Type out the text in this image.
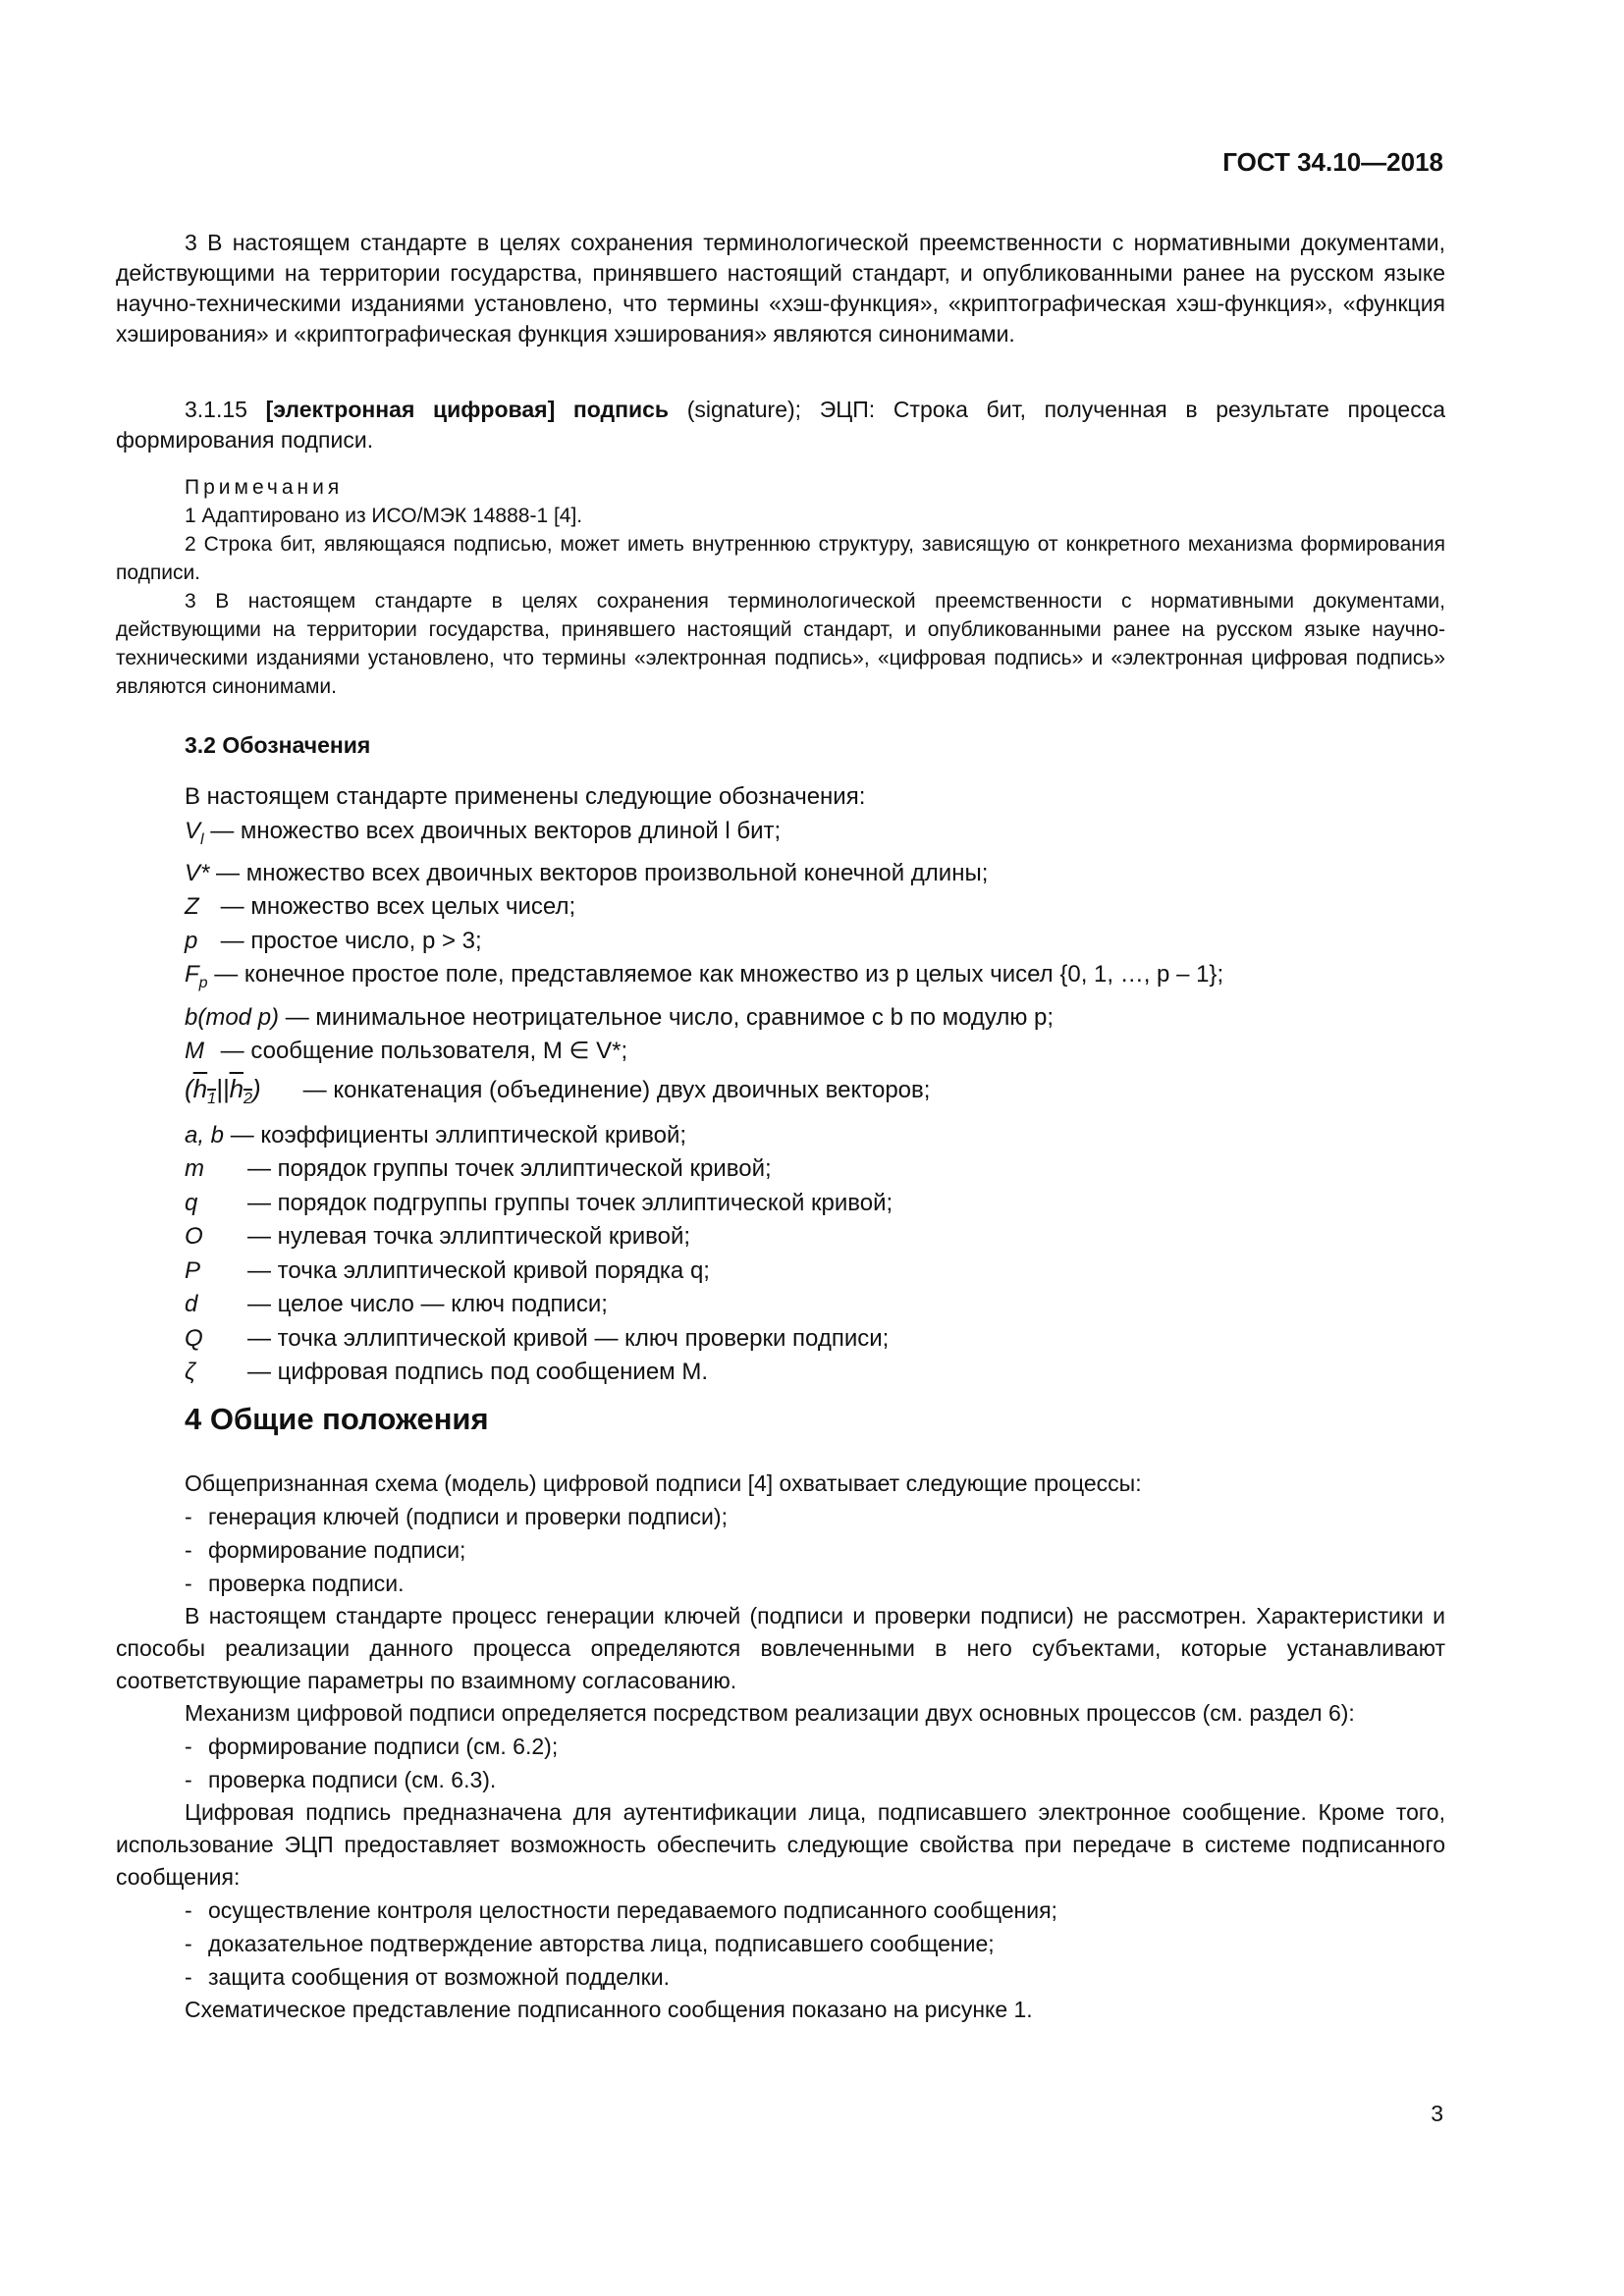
ГОСТ 34.10—2018

3 В настоящем стандарте в целях сохранения терминологической преемственности с нормативными документами, действующими на территории государства, принявшего настоящий стандарт, и опубликованными ранее на русском языке научно-техническими изданиями установлено, что термины «хэш-функция», «криптографическая хэш-функция», «функция хэширования» и «криптографическая функция хэширования» являются синонимами.

3.1.15 [электронная цифровая] подпись (signature); ЭЦП: Строка бит, полученная в результате процесса формирования подписи.

Примечания

1 Адаптировано из ИСО/МЭК 14888-1 [4].

2 Строка бит, являющаяся подписью, может иметь внутреннюю структуру, зависящую от конкретного механизма формирования подписи.

3 В настоящем стандарте в целях сохранения терминологической преемственности с нормативными документами, действующими на территории государства, принявшего настоящий стандарт, и опубликованными ранее на русском языке научно-техническими изданиями установлено, что термины «электронная подпись», «цифровая подпись» и «электронная цифровая подпись» являются синонимами.

3.2 Обозначения

В настоящем стандарте применены следующие обозначения:
$V_l$ — множество всех двоичных векторов длиной l бит;
V* — множество всех двоичных векторов произвольной конечной длины;
Z — множество всех целых чисел;
p — простое число, p > 3;
$F_p$ — конечное простое поле, представляемое как множество из p целых чисел {0, 1, …, p – 1};
b(mod p) — минимальное неотрицательное число, сравнимое с b по модулю p;
M — сообщение пользователя, M ∈ V*;
$(h_1||h_2)$ — конкатенация (объединение) двух двоичных векторов;
a, b — коэффициенты эллиптической кривой;
m — порядок группы точек эллиптической кривой;
q — порядок подгруппы группы точек эллиптической кривой;
O — нулевая точка эллиптической кривой;
P — точка эллиптической кривой порядка q;
d — целое число — ключ подписи;
Q — точка эллиптической кривой — ключ проверки подписи;
ζ — цифровая подпись под сообщением M.

4 Общие положения

Общепризнанная схема (модель) цифровой подписи [4] охватывает следующие процессы:
- генерация ключей (подписи и проверки подписи);
- формирование подписи;
- проверка подписи.

В настоящем стандарте процесс генерации ключей (подписи и проверки подписи) не рассмотрен. Характеристики и способы реализации данного процесса определяются вовлеченными в него субъектами, которые устанавливают соответствующие параметры по взаимному согласованию.

Механизм цифровой подписи определяется посредством реализации двух основных процессов (см. раздел 6):

- формирование подписи (см. 6.2);
- проверка подписи (см. 6.3).

Цифровая подпись предназначена для аутентификации лица, подписавшего электронное сообщение. Кроме того, использование ЭЦП предоставляет возможность обеспечить следующие свойства при передаче в системе подписанного сообщения:

- осуществление контроля целостности передаваемого подписанного сообщения;
- доказательное подтверждение авторства лица, подписавшего сообщение;
- защита сообщения от возможной подделки.

Схематическое представление подписанного сообщения показано на рисунке 1.

3
